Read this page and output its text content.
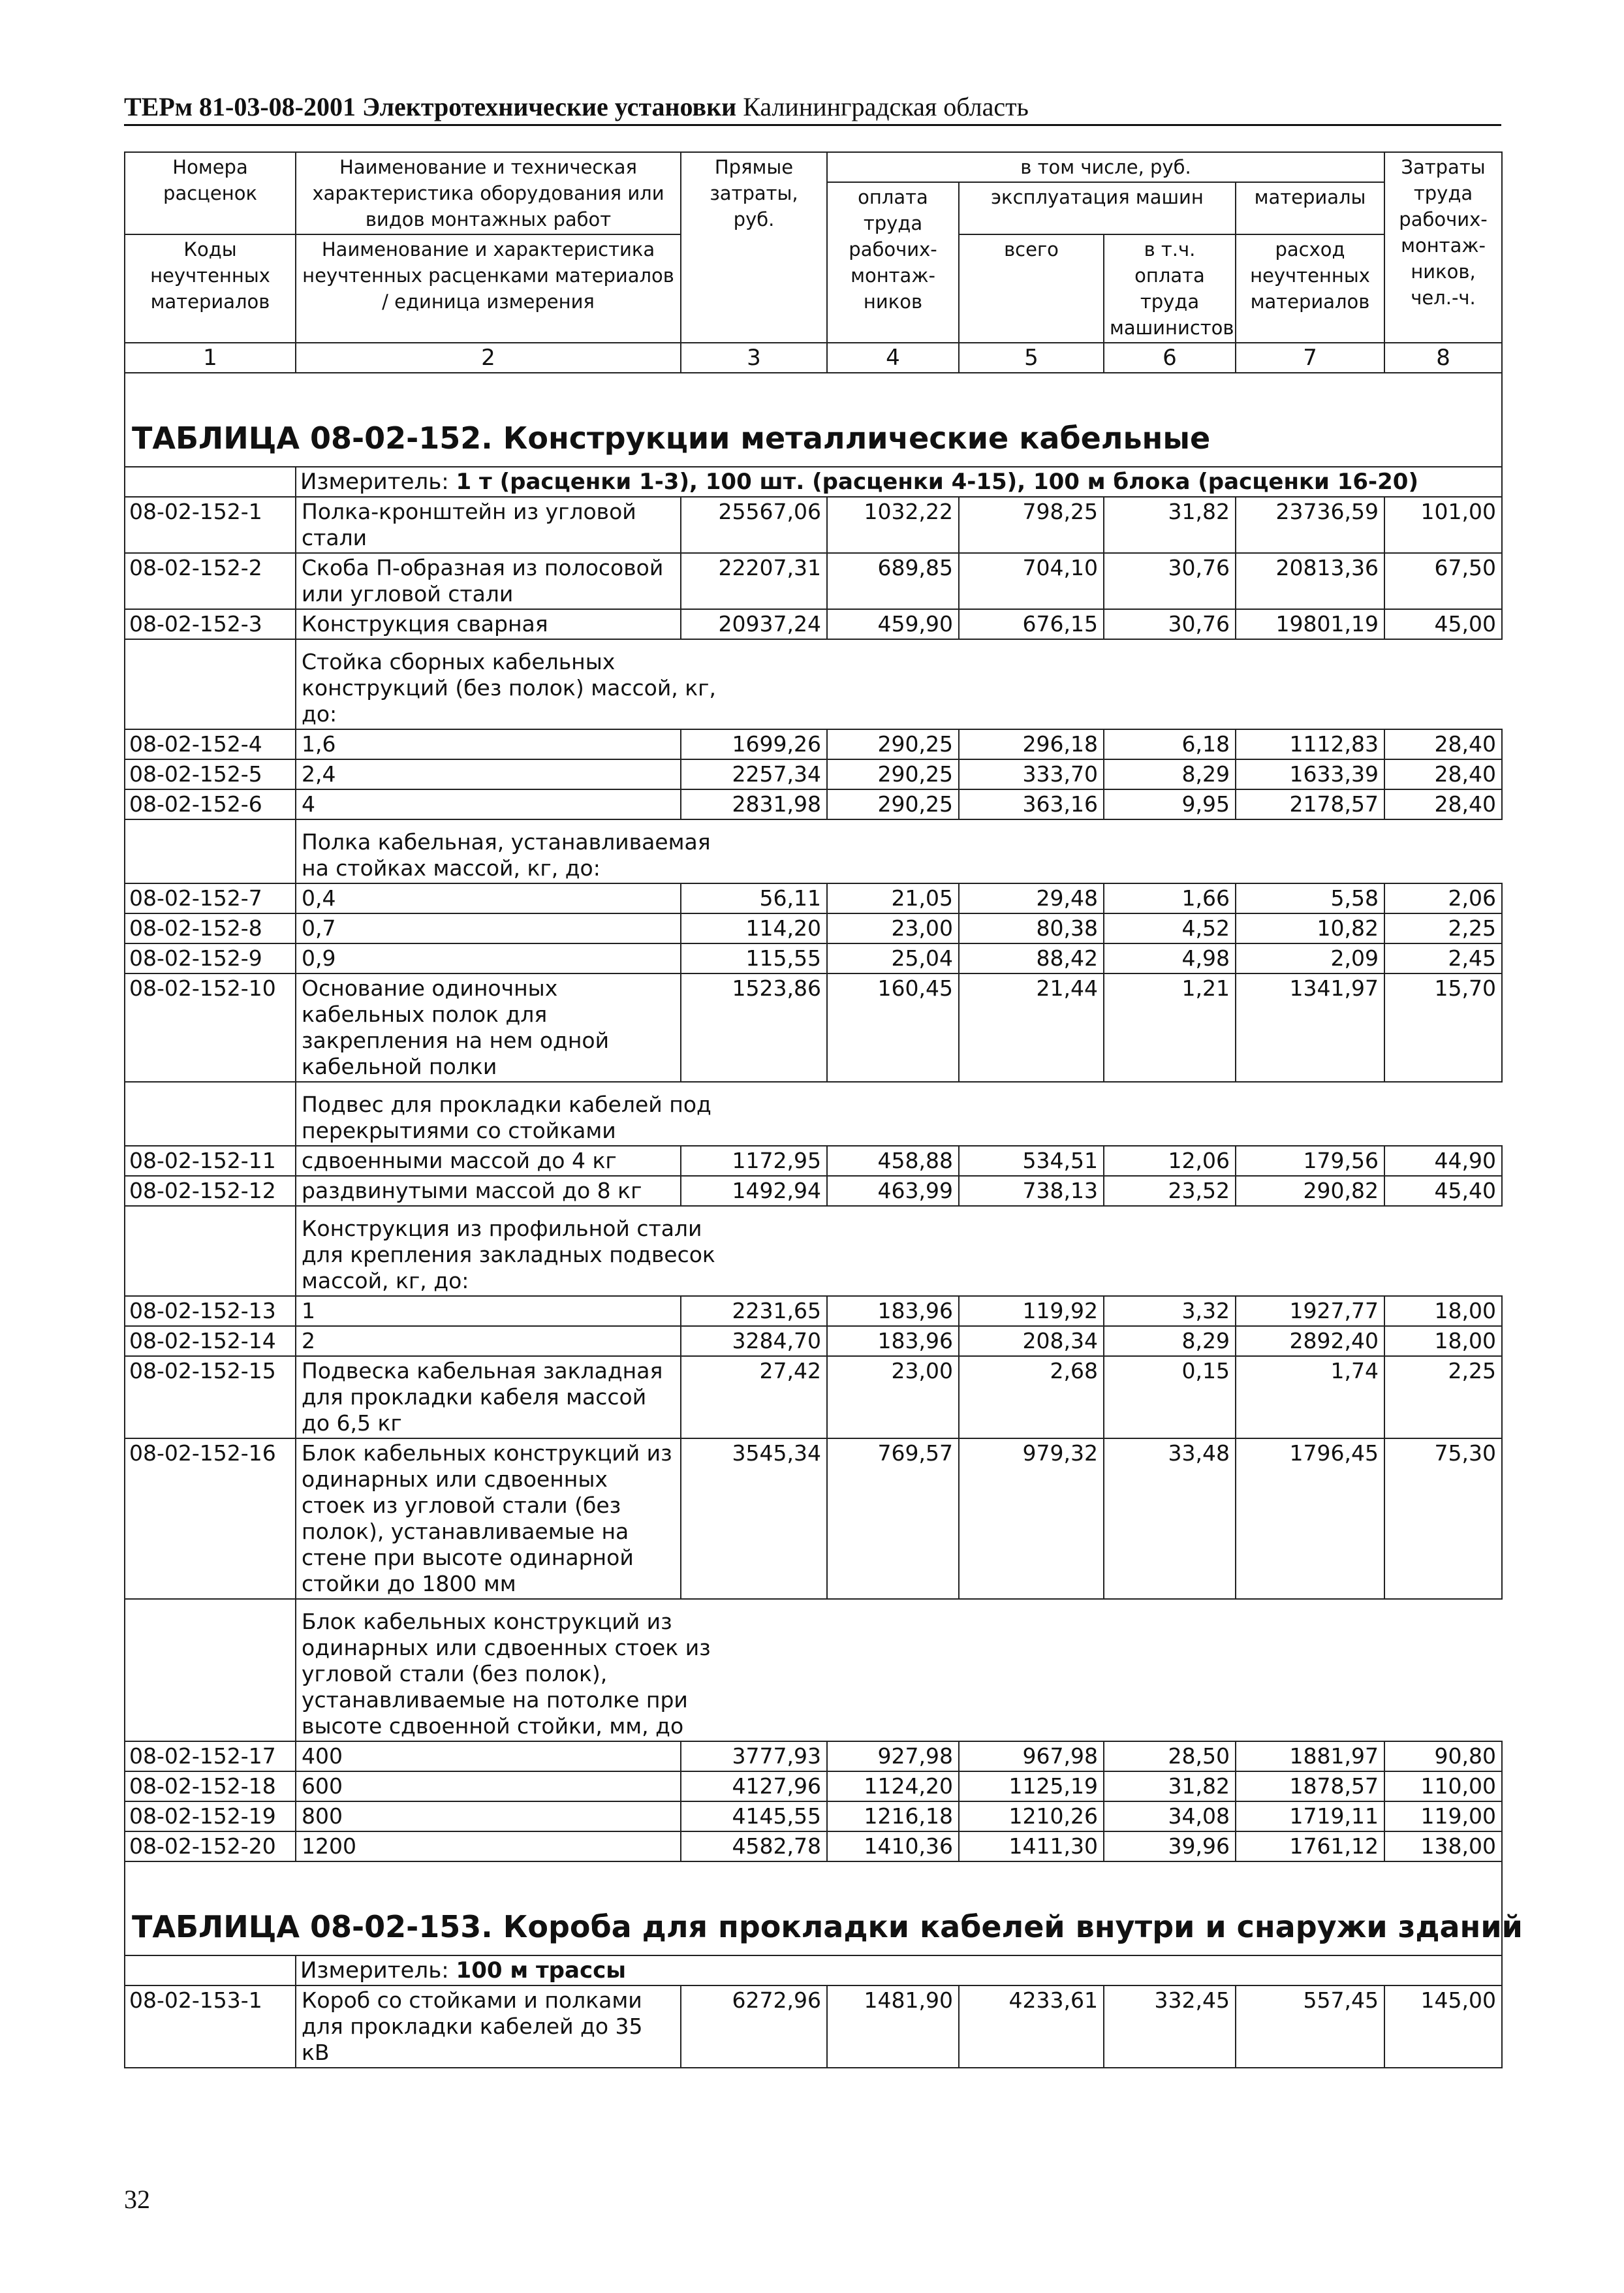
ТЕРм 81-03-08-2001 Электротехнические установки Калининградская область
Номера расценок	Наименование и техническая характеристика оборудования или видов монтажных работ	Прямые затраты, руб.	в том числе, руб.				Затраты труда рабочих-монтаж-ников, чел.-ч.
			оплата труда рабочих-монтаж-ников	эксплуатация машин		материалы	
Коды неучтенных материалов	Наименование и характеристика неучтенных расценками материалов / единица измерения			всего	в т.ч. оплата труда машинистов	расход неучтенных материалов	

1	2	3	4	5	6	7	8
ТАБЛИЦА 08-02-152. Конструкции металлические кабельные							
	Измеритель: 1 т (расценки 1-3), 100 шт. (расценки 4-15), 100 м блока (расценки 16-20)						
08-02-152-1	Полка-кронштейн из угловой стали	25567,06	1032,22	798,25	31,82	23736,59	101,00
08-02-152-2	Скоба П-образная из полосовой или угловой стали	22207,31	689,85	704,10	30,76	20813,36	67,50
08-02-152-3	Конструкция сварная	20937,24	459,90	676,15	30,76	19801,19	45,00
	Стойка сборных кабельных конструкций (без полок) массой, кг, до:						
08-02-152-4	1,6	1699,26	290,25	296,18	6,18	1112,83	28,40
08-02-152-5	2,4	2257,34	290,25	333,70	8,29	1633,39	28,40
08-02-152-6	4	2831,98	290,25	363,16	9,95	2178,57	28,40
	Полка кабельная, устанавливаемая на стойках массой, кг, до:						
08-02-152-7	0,4	56,11	21,05	29,48	1,66	5,58	2,06
08-02-152-8	0,7	114,20	23,00	80,38	4,52	10,82	2,25
08-02-152-9	0,9	115,55	25,04	88,42	4,98	2,09	2,45
08-02-152-10	Основание одиночных кабельных полок для закрепления на нем одной кабельной полки	1523,86	160,45	21,44	1,21	1341,97	15,70
	Подвес для прокладки кабелей под перекрытиями со стойками						
08-02-152-11	сдвоенными массой до 4 кг	1172,95	458,88	534,51	12,06	179,56	44,90
08-02-152-12	раздвинутыми массой до 8 кг	1492,94	463,99	738,13	23,52	290,82	45,40
	Конструкция из профильной стали для крепления закладных подвесок массой, кг, до:						
08-02-152-13	1	2231,65	183,96	119,92	3,32	1927,77	18,00
08-02-152-14	2	3284,70	183,96	208,34	8,29	2892,40	18,00
08-02-152-15	Подвеска кабельная закладная для прокладки кабеля массой до 6,5 кг	27,42	23,00	2,68	0,15	1,74	2,25
08-02-152-16	Блок кабельных конструкций из одинарных или сдвоенных стоек из угловой стали (без полок), устанавливаемые на стене при высоте одинарной стойки до 1800 мм	3545,34	769,57	979,32	33,48	1796,45	75,30
	Блок кабельных конструкций из одинарных или сдвоенных стоек из угловой стали (без полок), устанавливаемые на потолке при высоте сдвоенной стойки, мм, до						
08-02-152-17	400	3777,93	927,98	967,98	28,50	1881,97	90,80
08-02-152-18	600	4127,96	1124,20	1125,19	31,82	1878,57	110,00
08-02-152-19	800	4145,55	1216,18	1210,26	34,08	1719,11	119,00
08-02-152-20	1200	4582,78	1410,36	1411,30	39,96	1761,12	138,00
ТАБЛИЦА 08-02-153. Короба для прокладки кабелей внутри и снаружи зданий							
	Измеритель: 100 м трассы						
08-02-153-1	Короб со стойками и полками для прокладки кабелей до 35 кВ	6272,96	1481,90	4233,61	332,45	557,45	145,00
32
